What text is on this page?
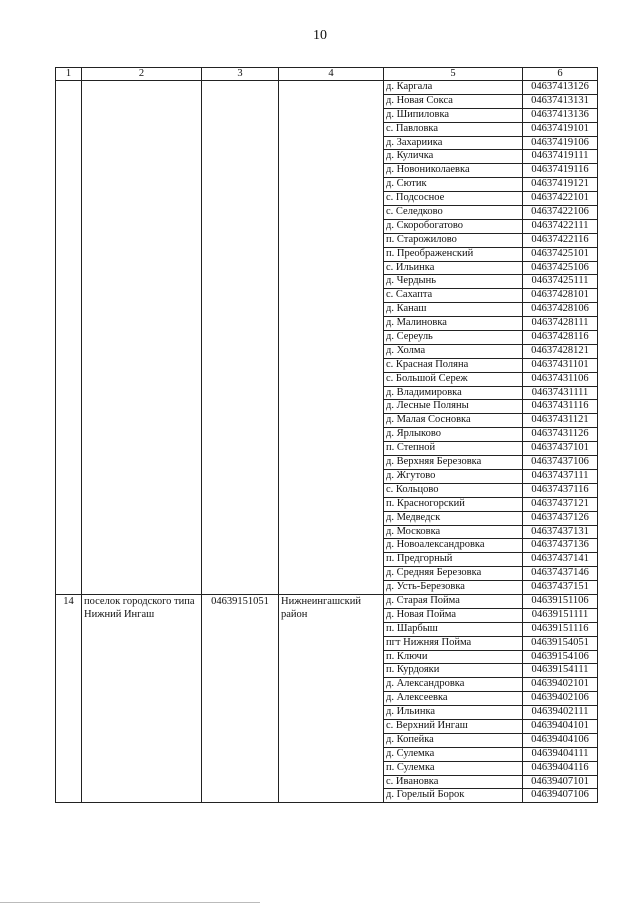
10
1	2	3	4	5	6
				д. Каргала	04637413126
				д. Новая Сокса	04637413131
				д. Шипиловка	04637413136
				с. Павловка	04637419101
				д. Захариика	04637419106
				д. Куличка	04637419111
				д. Новониколаевка	04637419116
				д. Сютик	04637419121
				с. Подсосное	04637422101
				с. Селедково	04637422106
				д. Скоробогатово	04637422111
				п. Старожилово	04637422116
				п. Преображенский	04637425101
				с. Ильинка	04637425106
				д. Чердынь	04637425111
				с. Сахапта	04637428101
				д. Канаш	04637428106
				д. Малиновка	04637428111
				д. Сереуль	04637428116
				д. Холма	04637428121
				с. Красная Поляна	04637431101
				с. Большой Сереж	04637431106
				д. Владимировка	04637431111
				д. Лесные Поляны	04637431116
				д. Малая Сосновка	04637431121
				д. Ярлыково	04637431126
				п. Степной	04637437101
				д. Верхняя Березовка	04637437106
				д. Жгутово	04637437111
				с. Кольцово	04637437116
				п. Красногорский	04637437121
				д. Медведск	04637437126
				д. Московка	04637437131
				д. Новоалександровка	04637437136
				п. Предгорный	04637437141
				д. Средняя Березовка	04637437146
				д. Усть-Березовка	04637437151
14	поселок городского типа Нижний Ингаш	04639151051	Нижнеингашский район	д. Старая Пойма	04639151106
				д. Новая Пойма	04639151111
				п. Шарбыш	04639151116
				пгт Нижняя Пойма	04639154051
				п. Ключи	04639154106
				п. Курдояки	04639154111
				д. Александровка	04639402101
				д. Алексеевка	04639402106
				д. Ильинка	04639402111
				с. Верхний Ингаш	04639404101
				д. Копейка	04639404106
				д. Сулемка	04639404111
				п. Сулемка	04639404116
				с. Ивановка	04639407101
				д. Горелый Борок	04639407106
